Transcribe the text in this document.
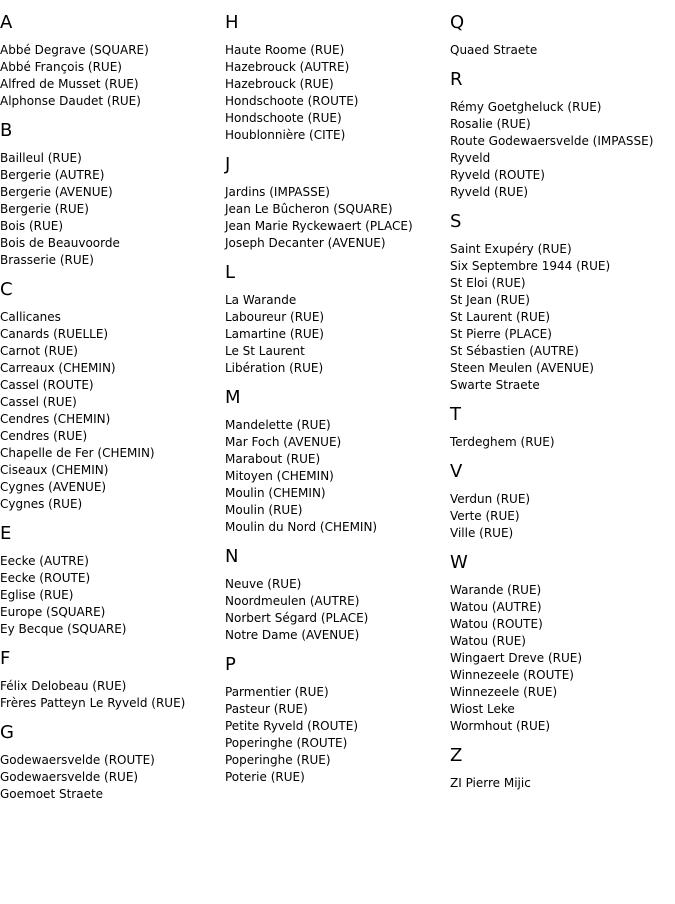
A
Abbé Degrave (SQUARE)
Abbé François (RUE)
Alfred de Musset (RUE)
Alphonse Daudet (RUE)
B
Bailleul (RUE)
Bergerie (AUTRE)
Bergerie (AVENUE)
Bergerie (RUE)
Bois (RUE)
Bois de Beauvoorde
Brasserie (RUE)
C
Callicanes
Canards (RUELLE)
Carnot (RUE)
Carreaux (CHEMIN)
Cassel (ROUTE)
Cassel (RUE)
Cendres (CHEMIN)
Cendres (RUE)
Chapelle de Fer (CHEMIN)
Ciseaux (CHEMIN)
Cygnes (AVENUE)
Cygnes (RUE)
E
Eecke (AUTRE)
Eecke (ROUTE)
Eglise (RUE)
Europe (SQUARE)
Ey Becque (SQUARE)
F
Félix Delobeau (RUE)
Frères Patteyn Le Ryveld (RUE)
G
Godewaersvelde (ROUTE)
Godewaersvelde (RUE)
Goemoet Straete
H
Haute Roome (RUE)
Hazebrouck (AUTRE)
Hazebrouck (RUE)
Hondschoote (ROUTE)
Hondschoote (RUE)
Houblonnière (CITE)
J
Jardins (IMPASSE)
Jean Le Bûcheron (SQUARE)
Jean Marie Ryckewaert (PLACE)
Joseph Decanter (AVENUE)
L
La Warande
Laboureur (RUE)
Lamartine (RUE)
Le St Laurent
Libération (RUE)
M
Mandelette (RUE)
Mar Foch (AVENUE)
Marabout (RUE)
Mitoyen (CHEMIN)
Moulin (CHEMIN)
Moulin (RUE)
Moulin du Nord (CHEMIN)
N
Neuve (RUE)
Noordmeulen (AUTRE)
Norbert Ségard (PLACE)
Notre Dame (AVENUE)
P
Parmentier (RUE)
Pasteur (RUE)
Petite Ryveld (ROUTE)
Poperinghe (ROUTE)
Poperinghe (RUE)
Poterie (RUE)
Q
Quaed Straete
R
Rémy Goetgheluck (RUE)
Rosalie (RUE)
Route Godewaersvelde (IMPASSE)
Ryveld
Ryveld (ROUTE)
Ryveld (RUE)
S
Saint Exupéry (RUE)
Six Septembre 1944 (RUE)
St Eloi (RUE)
St Jean (RUE)
St Laurent (RUE)
St Pierre (PLACE)
St Sébastien (AUTRE)
Steen Meulen (AVENUE)
Swarte Straete
T
Terdeghem (RUE)
V
Verdun (RUE)
Verte (RUE)
Ville (RUE)
W
Warande (RUE)
Watou (AUTRE)
Watou (ROUTE)
Watou (RUE)
Wingaert Dreve (RUE)
Winnezeele (ROUTE)
Winnezeele (RUE)
Wiost Leke
Wormhout (RUE)
Z
ZI Pierre Mijic
